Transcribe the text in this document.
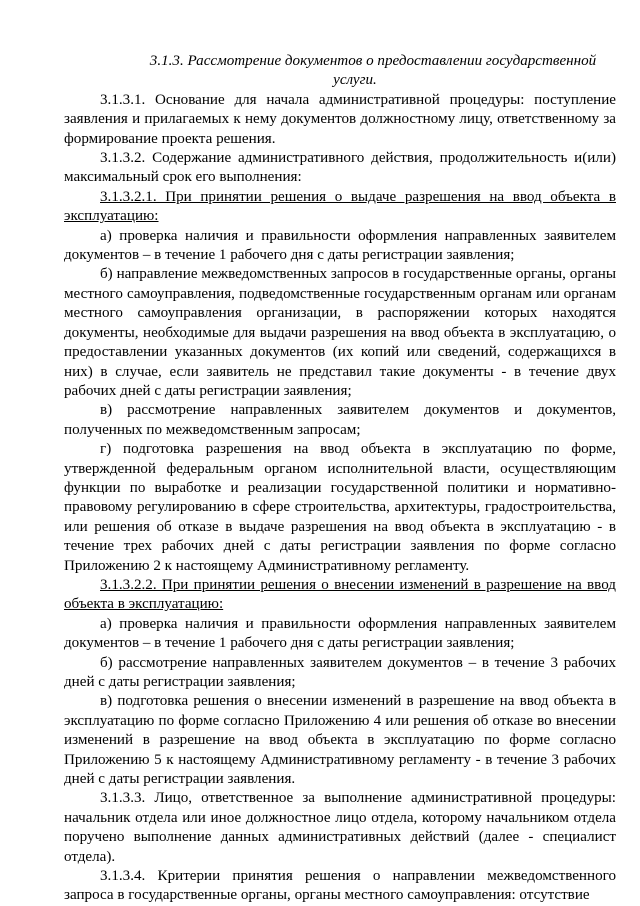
3.1.3. Рассмотрение документов о предоставлении государственной услуги.

3.1.3.1. Основание для начала административной процедуры: поступление заявления и прилагаемых к нему документов должностному лицу, ответственному за формирование проекта решения.

3.1.3.2. Содержание административного действия, продолжительность и(или) максимальный срок его выполнения:

3.1.3.2.1. При принятии решения о выдаче разрешения на ввод объекта в эксплуатацию:

а) проверка наличия и правильности оформления направленных заявителем документов – в течение 1 рабочего дня с даты регистрации заявления;

б) направление межведомственных запросов в государственные органы, органы местного самоуправления, подведомственные государственным органам или органам местного самоуправления организации, в распоряжении которых находятся документы, необходимые для выдачи разрешения на ввод объекта в эксплуатацию, о предоставлении указанных документов (их копий или сведений, содержащихся в них) в случае, если заявитель не представил такие документы - в течение двух рабочих дней с даты регистрации заявления;

в) рассмотрение направленных заявителем документов и документов, полученных по межведомственным запросам;

г) подготовка разрешения на ввод объекта в эксплуатацию по форме, утвержденной федеральным органом исполнительной власти, осуществляющим функции по выработке и реализации государственной политики и нормативно-правовому регулированию в сфере строительства, архитектуры, градостроительства, или решения об отказе в выдаче разрешения на ввод объекта в эксплуатацию - в течение трех рабочих дней с даты регистрации заявления по форме согласно Приложению 2 к настоящему Административному регламенту.

3.1.3.2.2. При принятии решения о внесении изменений в разрешение на ввод объекта в эксплуатацию:

а) проверка наличия и правильности оформления направленных заявителем документов – в течение 1 рабочего дня с даты регистрации заявления;

б) рассмотрение направленных заявителем документов – в течение 3 рабочих дней с даты регистрации заявления;

в) подготовка решения о внесении изменений в разрешение на ввод объекта в эксплуатацию по форме согласно Приложению 4 или решения об отказе во внесении изменений в разрешение на ввод объекта в эксплуатацию по форме согласно Приложению 5 к настоящему Административному регламенту - в течение 3 рабочих дней с даты регистрации заявления.

3.1.3.3. Лицо, ответственное за выполнение административной процедуры: начальник отдела или иное должностное лицо отдела, которому начальником отдела поручено выполнение данных административных действий (далее - специалист отдела).

3.1.3.4. Критерии принятия решения о направлении межведомственного запроса в государственные органы, органы местного самоуправления: отсутствие
